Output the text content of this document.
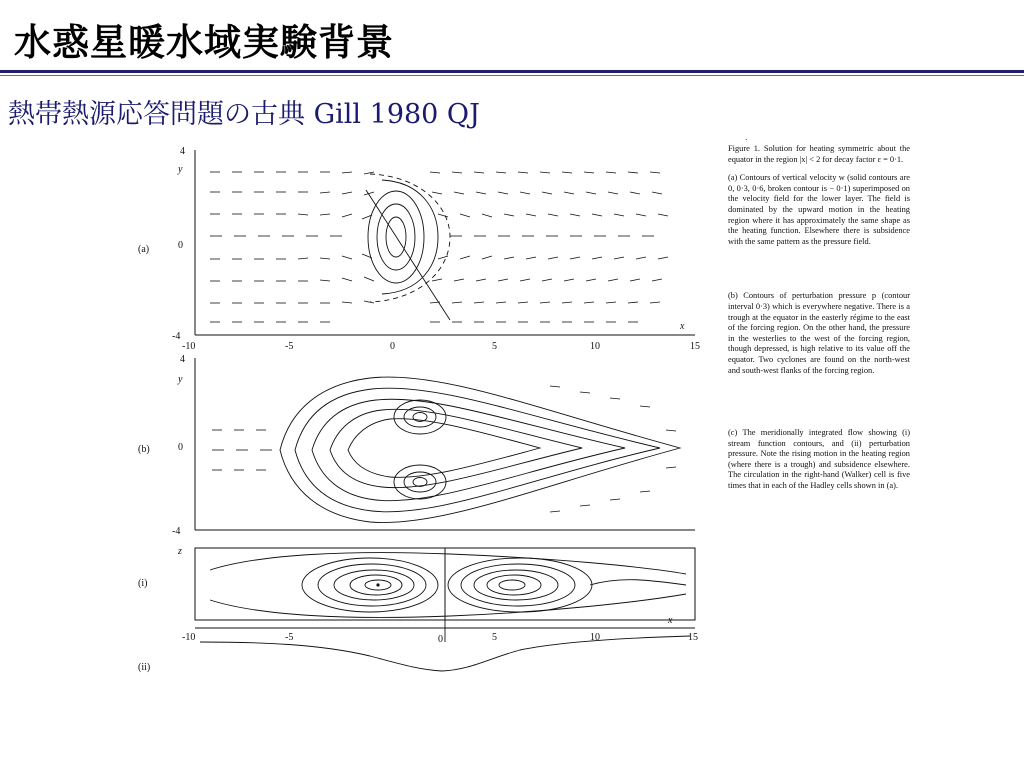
水惑星暖水域実験背景
熱帯熱源応答問題の古典 Gill 1980 QJ
4
0
-4
y
(a)
x
-10	-5	0	5	10	15
4
0
-4
y
(b)
z
(i)
-10	-5	0	5	10	15
x
(ii)
.
Figure 1. Solution for heating symmetric about the equator in the region |x| < 2 for decay factor ε = 0·1.
(a) Contours of vertical velocity w (solid contours are 0, 0·3, 0·6, broken contour is − 0·1) superimposed on the velocity field for the lower layer. The field is dominated by the upward motion in the heating region where it has approximately the same shape as the heating function. Elsewhere there is subsidence with the same pattern as the pressure field.
(b) Contours of perturbation pressure p (contour interval 0·3) which is everywhere negative. There is a trough at the equator in the easterly régime to the east of the forcing region. On the other hand, the pressure in the westerlies to the west of the forcing region, though depressed, is high relative to its value off the equator. Two cyclones are found on the north-west and south-west flanks of the forcing region.
(c) The meridionally integrated flow showing (i) stream function contours, and (ii) perturbation pressure. Note the rising motion in the heating region (where there is a trough) and subsidence elsewhere. The circulation in the right-hand (Walker) cell is five times that in each of the Hadley cells shown in (a).
